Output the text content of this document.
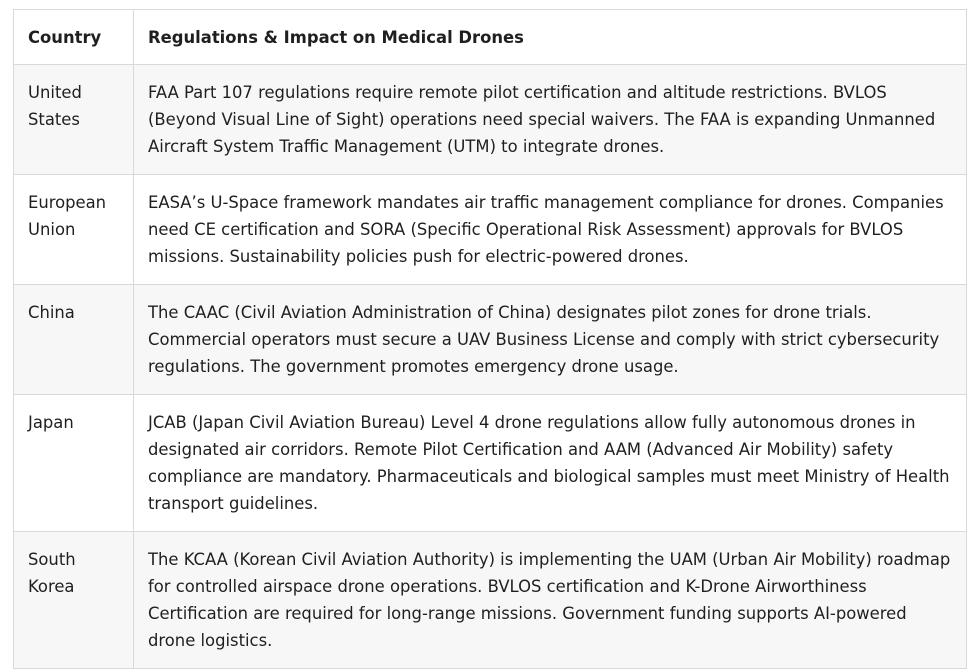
Country	Regulations & Impact on Medical Drones
United States	FAA Part 107 regulations require remote pilot certification and altitude restrictions. BVLOS (Beyond Visual Line of Sight) operations need special waivers. The FAA is expanding Unmanned Aircraft System Traffic Management (UTM) to integrate drones.
European Union	EASA’s U-Space framework mandates air traffic management compliance for drones. Companies need CE certification and SORA (Specific Operational Risk Assessment) approvals for BVLOS missions. Sustainability policies push for electric-powered drones.
China	The CAAC (Civil Aviation Administration of China) designates pilot zones for drone trials. Commercial operators must secure a UAV Business License and comply with strict cybersecurity regulations. The government promotes emergency drone usage.
Japan	JCAB (Japan Civil Aviation Bureau) Level 4 drone regulations allow fully autonomous drones in designated air corridors. Remote Pilot Certification and AAM (Advanced Air Mobility) safety compliance are mandatory. Pharmaceuticals and biological samples must meet Ministry of Health transport guidelines.
South Korea	The KCAA (Korean Civil Aviation Authority) is implementing the UAM (Urban Air Mobility) roadmap for controlled airspace drone operations. BVLOS certification and K-Drone Airworthiness Certification are required for long-range missions. Government funding supports AI-powered drone logistics.
